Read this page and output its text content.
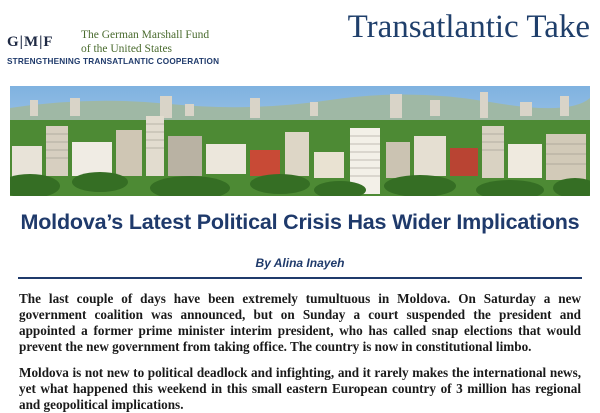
G|M|F The German Marshall Fund of the United States
STRENGTHENING TRANSATLANTIC COOPERATION
Transatlantic Take
Moldova’s Latest Political Crisis Has Wider Implications
By Alina Inayeh

The last couple of days have been extremely tumultuous in Moldova. On Saturday a new government coalition was announced, but on Sunday a court suspended the president and appointed a former prime minister interim president, who has called snap elections that would prevent the new government from taking office. The country is now in constitutional limbo.

Moldova is not new to political deadlock and infighting, and it rarely makes the international news, yet what happened this weekend in this small eastern European country of 3 million has regional and geopolitical implications.
